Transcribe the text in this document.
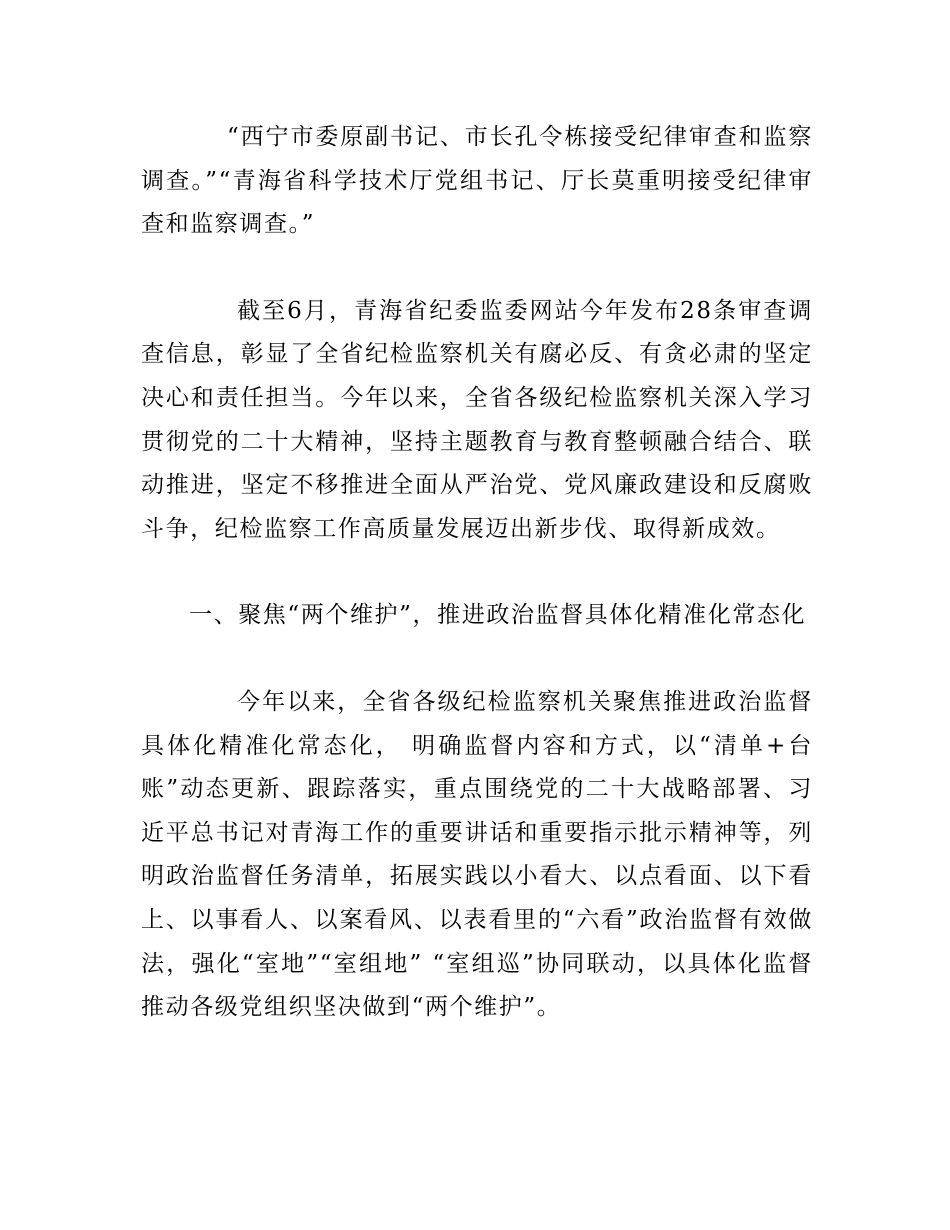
“西宁市委原副书记、市长孔令栋接受纪律审查和监察调查。”“青海省科学技术厅党组书记、厅长莫重明接受纪律审查和监察调查。”

截至6月，青海省纪委监委网站今年发布28条审查调查信息，彰显了全省纪检监察机关有腐必反、有贪必肃的坚定决心和责任担当。今年以来，全省各级纪检监察机关深入学习贯彻党的二十大精神，坚持主题教育与教育整顿融合结合、联动推进，坚定不移推进全面从严治党、党风廉政建设和反腐败斗争，纪检监察工作高质量发展迈出新步伐、取得新成效。

一、聚焦“两个维护”，推进政治监督具体化精准化常态化

今年以来，全省各级纪检监察机关聚焦推进政治监督具体化精准化常态化， 明确监督内容和方式，以“清单+台账”动态更新、跟踪落实，重点围绕党的二十大战略部署、习近平总书记对青海工作的重要讲话和重要指示批示精神等，列明政治监督任务清单，拓展实践以小看大、以点看面、以下看上、以事看人、以案看风、以表看里的“六看”政治监督有效做法，强化“室地”“室组地” “室组巡”协同联动，以具体化监督推动各级党组织坚决做到“两个维护”。
